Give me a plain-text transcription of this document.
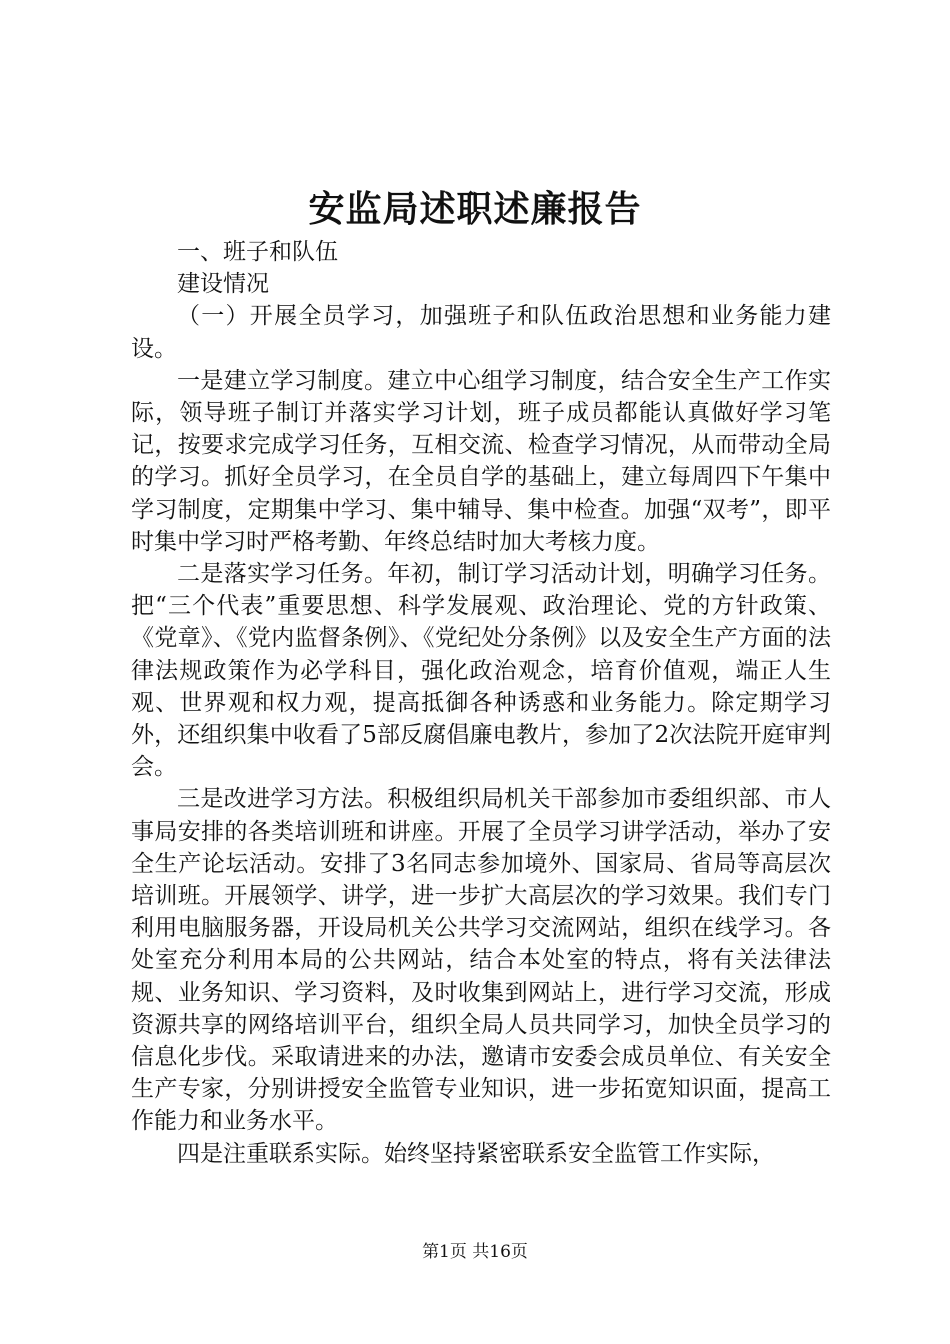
安监局述职述廉报告

一、班子和队伍

建设情况

（一）开展全员学习，加强班子和队伍政治思想和业务能力建设。

一是建立学习制度。建立中心组学习制度，结合安全生产工作实际，领导班子制订并落实学习计划，班子成员都能认真做好学习笔记，按要求完成学习任务，互相交流、检查学习情况，从而带动全局的学习。抓好全员学习，在全员自学的基础上，建立每周四下午集中学习制度，定期集中学习、集中辅导、集中检查。加强“双考”，即平时集中学习时严格考勤、年终总结时加大考核力度。

二是落实学习任务。年初，制订学习活动计划，明确学习任务。把“三个代表”重要思想、科学发展观、政治理论、党的方针政策、《党章》、《党内监督条例》、《党纪处分条例》以及安全生产方面的法律法规政策作为必学科目，强化政治观念，培育价值观，端正人生观、世界观和权力观，提高抵御各种诱惑和业务能力。除定期学习外，还组织集中收看了5部反腐倡廉电教片，参加了2次法院开庭审判会。

三是改进学习方法。积极组织局机关干部参加市委组织部、市人事局安排的各类培训班和讲座。开展了全员学习讲学活动，举办了安全生产论坛活动。安排了3名同志参加境外、国家局、省局等高层次培训班。开展领学、讲学，进一步扩大高层次的学习效果。我们专门利用电脑服务器，开设局机关公共学习交流网站，组织在线学习。各处室充分利用本局的公共网站，结合本处室的特点，将有关法律法规、业务知识、学习资料，及时收集到网站上，进行学习交流，形成资源共享的网络培训平台，组织全局人员共同学习，加快全员学习的信息化步伐。采取请进来的办法，邀请市安委会成员单位、有关安全生产专家，分别讲授安全监管专业知识，进一步拓宽知识面，提高工作能力和业务水平。

四是注重联系实际。始终坚持紧密联系安全监管工作实际，

第1页 共16页
